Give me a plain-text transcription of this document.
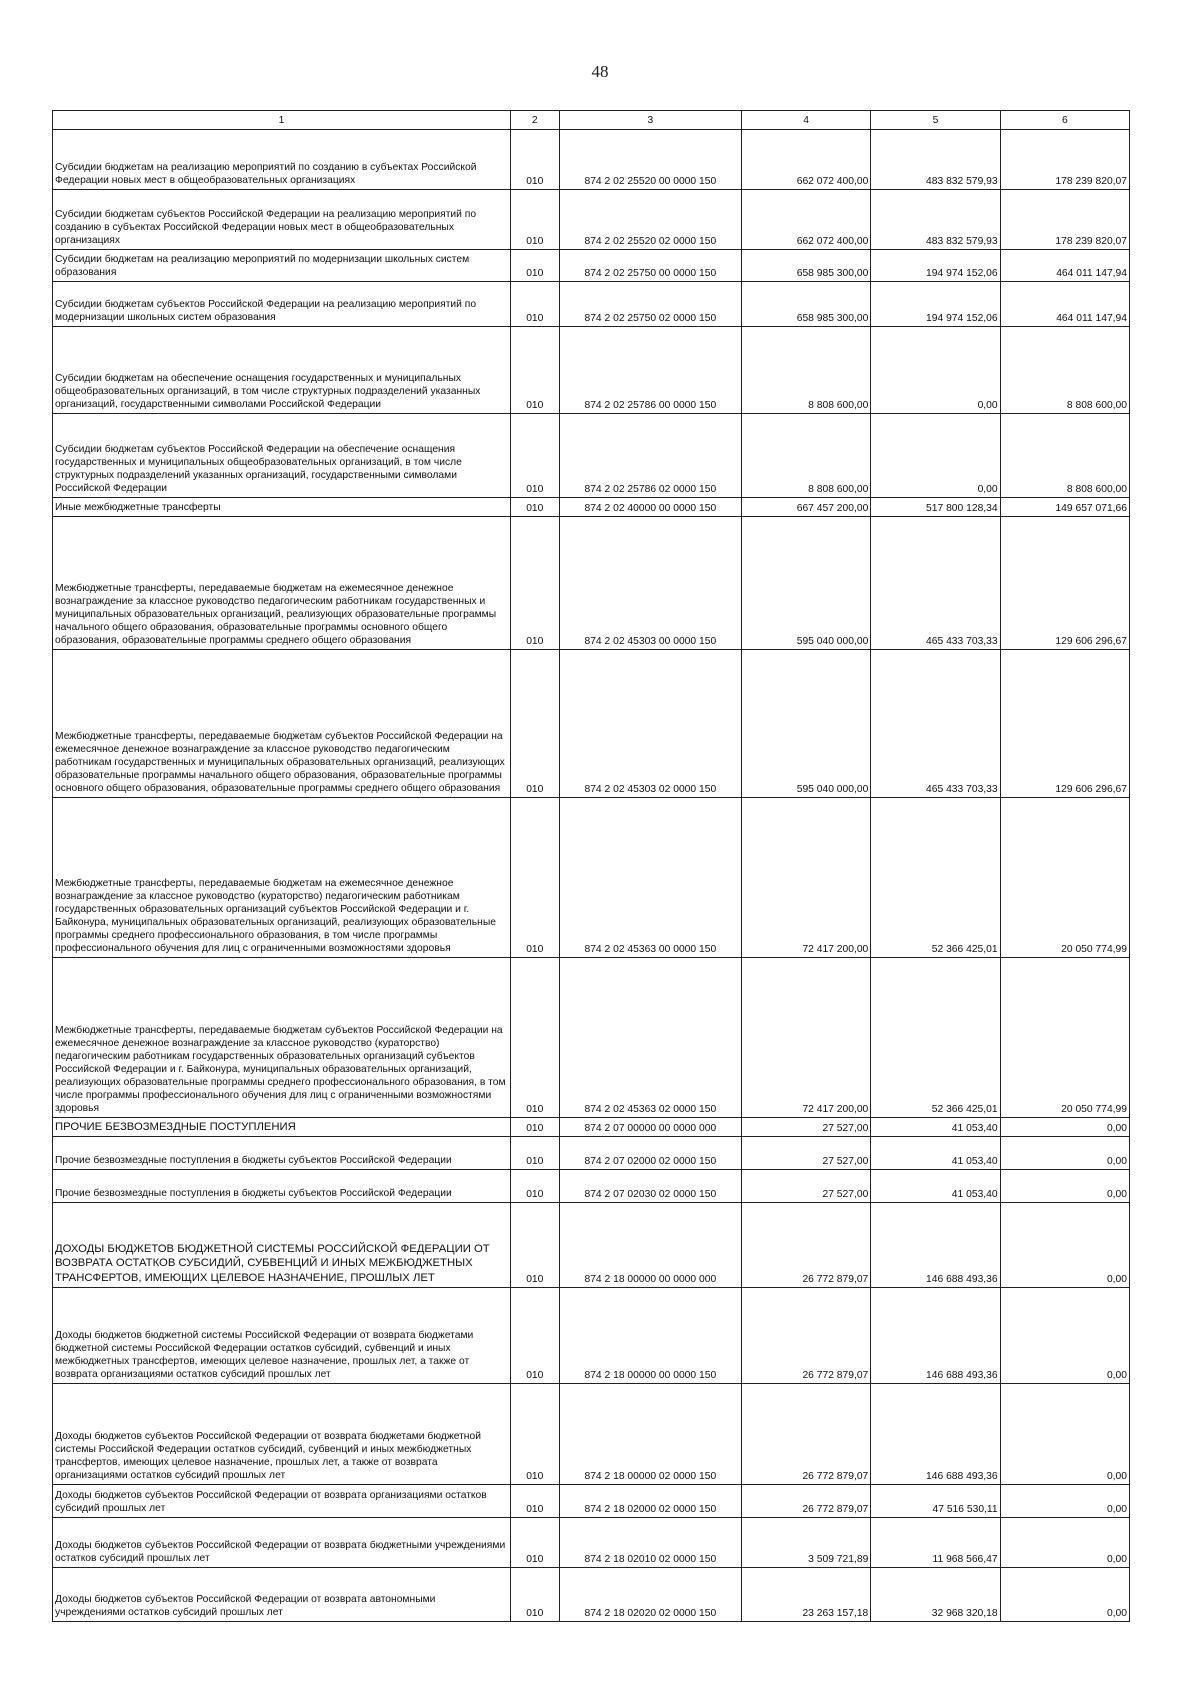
48
1	2	3	4	5	6
Субсидии бюджетам на реализацию мероприятий по созданию в субъектах Российской Федерации новых мест в общеобразовательных организациях	010	874 2 02 25520 00 0000 150	662 072 400,00	483 832 579,93	178 239 820,07
Субсидии бюджетам субъектов Российской Федерации на реализацию мероприятий по созданию в субъектах Российской Федерации новых мест в общеобразовательных организациях	010	874 2 02 25520 02 0000 150	662 072 400,00	483 832 579,93	178 239 820,07
Субсидии бюджетам на реализацию мероприятий по модернизации школьных систем образования	010	874 2 02 25750 00 0000 150	658 985 300,00	194 974 152,06	464 011 147,94
Субсидии бюджетам субъектов Российской Федерации на реализацию мероприятий по модернизации школьных систем образования	010	874 2 02 25750 02 0000 150	658 985 300,00	194 974 152,06	464 011 147,94
Субсидии бюджетам на обеспечение оснащения государственных и муниципальных общеобразовательных организаций, в том числе структурных подразделений указанных организаций, государственными символами Российской Федерации	010	874 2 02 25786 00 0000 150	8 808 600,00	0,00	8 808 600,00
Субсидии бюджетам субъектов Российской Федерации на обеспечение оснащения государственных и муниципальных общеобразовательных организаций, в том числе структурных подразделений указанных организаций, государственными символами Российской Федерации	010	874 2 02 25786 02 0000 150	8 808 600,00	0,00	8 808 600,00
Иные межбюджетные трансферты	010	874 2 02 40000 00 0000 150	667 457 200,00	517 800 128,34	149 657 071,66
Межбюджетные трансферты, передаваемые бюджетам на ежемесячное денежное вознаграждение за классное руководство педагогическим работникам государственных и муниципальных образовательных организаций, реализующих образовательные программы начального общего образования, образовательные программы основного общего образования, образовательные программы среднего общего образования	010	874 2 02 45303 00 0000 150	595 040 000,00	465 433 703,33	129 606 296,67
Межбюджетные трансферты, передаваемые бюджетам субъектов Российской Федерации на ежемесячное денежное вознаграждение за классное руководство педагогическим работникам государственных и муниципальных образовательных организаций, реализующих образовательные программы начального общего образования, образовательные программы основного общего образования, образовательные программы среднего общего образования	010	874 2 02 45303 02 0000 150	595 040 000,00	465 433 703,33	129 606 296,67
Межбюджетные трансферты, передаваемые бюджетам на ежемесячное денежное вознаграждение за классное руководство (кураторство) педагогическим работникам государственных образовательных организаций субъектов Российской Федерации и г. Байконура, муниципальных образовательных организаций, реализующих образовательные программы среднего профессионального образования, в том числе программы профессионального обучения для лиц с ограниченными возможностями здоровья	010	874 2 02 45363 00 0000 150	72 417 200,00	52 366 425,01	20 050 774,99
Межбюджетные трансферты, передаваемые бюджетам субъектов Российской Федерации на ежемесячное денежное вознаграждение за классное руководство (кураторство) педагогическим работникам государственных образовательных организаций субъектов Российской Федерации и г. Байконура, муниципальных образовательных организаций, реализующих образовательные программы среднего профессионального образования, в том числе программы профессионального обучения для лиц с ограниченными возможностями здоровья	010	874 2 02 45363 02 0000 150	72 417 200,00	52 366 425,01	20 050 774,99
ПРОЧИЕ БЕЗВОЗМЕЗДНЫЕ ПОСТУПЛЕНИЯ	010	874 2 07 00000 00 0000 000	27 527,00	41 053,40	0,00
Прочие безвозмездные поступления в бюджеты субъектов Российской Федерации	010	874 2 07 02000 02 0000 150	27 527,00	41 053,40	0,00
Прочие безвозмездные поступления в бюджеты субъектов Российской Федерации	010	874 2 07 02030 02 0000 150	27 527,00	41 053,40	0,00
ДОХОДЫ БЮДЖЕТОВ БЮДЖЕТНОЙ СИСТЕМЫ РОССИЙСКОЙ ФЕДЕРАЦИИ ОТ ВОЗВРАТА ОСТАТКОВ СУБСИДИЙ, СУБВЕНЦИЙ И ИНЫХ МЕЖБЮДЖЕТНЫХ ТРАНСФЕРТОВ, ИМЕЮЩИХ ЦЕЛЕВОЕ НАЗНАЧЕНИЕ, ПРОШЛЫХ ЛЕТ	010	874 2 18 00000 00 0000 000	26 772 879,07	146 688 493,36	0,00
Доходы бюджетов бюджетной системы Российской Федерации от возврата бюджетами бюджетной системы Российской Федерации остатков субсидий, субвенций и иных межбюджетных трансфертов, имеющих целевое назначение, прошлых лет, а также от возврата организациями остатков субсидий прошлых лет	010	874 2 18 00000 00 0000 150	26 772 879,07	146 688 493,36	0,00
Доходы бюджетов субъектов Российской Федерации от возврата бюджетами бюджетной системы Российской Федерации остатков субсидий, субвенций и иных межбюджетных трансфертов, имеющих целевое назначение, прошлых лет, а также от возврата организациями остатков субсидий прошлых лет	010	874 2 18 00000 02 0000 150	26 772 879,07	146 688 493,36	0,00
Доходы бюджетов субъектов Российской Федерации от возврата организациями остатков субсидий прошлых лет	010	874 2 18 02000 02 0000 150	26 772 879,07	47 516 530,11	0,00
Доходы бюджетов субъектов Российской Федерации от возврата бюджетными учреждениями остатков субсидий прошлых лет	010	874 2 18 02010 02 0000 150	3 509 721,89	11 968 566,47	0,00
Доходы бюджетов субъектов Российской Федерации от возврата автономными учреждениями остатков субсидий прошлых лет	010	874 2 18 02020 02 0000 150	23 263 157,18	32 968 320,18	0,00
